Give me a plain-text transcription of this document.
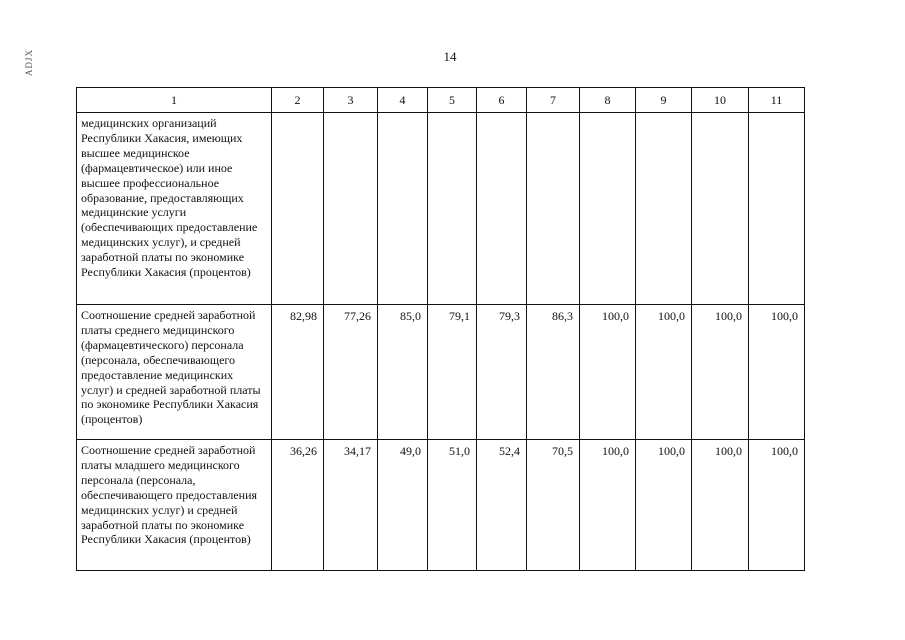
ADJX	14
1	2	3	4	5	6	7	8	9	10	11
медицинских организаций Республики Хакасия, имеющих высшее медицинское (фармацевтическое) или иное высшее профессиональное образование, предоставляющих медицинские услуги (обеспечивающих предоставление медицинских услуг), и средней заработной платы по экономике Республики Хакасия (процентов)										
Соотношение средней заработной платы среднего медицинского (фармацевтического) персонала (персонала, обеспечивающего предоставление медицинских услуг) и средней заработной платы по экономике Республики Хакасия (процентов)	82,98	77,26	85,0	79,1	79,3	86,3	100,0	100,0	100,0	100,0
Соотношение средней заработной платы младшего медицинского персонала (персонала, обеспечивающего предоставления медицинских услуг) и средней заработной платы по экономике Республики Хакасия (процентов)	36,26	34,17	49,0	51,0	52,4	70,5	100,0	100,0	100,0	100,0
